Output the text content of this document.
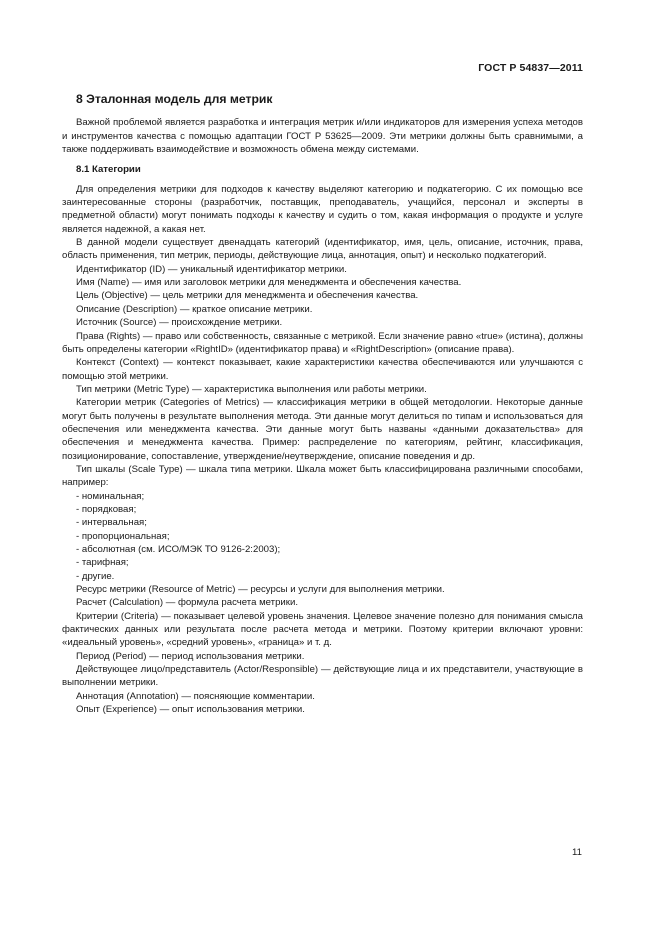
ГОСТ Р 54837—2011
8 Эталонная модель для метрик

Важной проблемой является разработка и интеграция метрик и/или индикаторов для измерения успеха методов и инструментов качества с помощью адаптации ГОСТ Р 53625—2009. Эти метрики должны быть сравнимыми, а также поддерживать взаимодействие и возможность обмена между системами.

8.1 Категории

Для определения метрики для подходов к качеству выделяют категорию и подкатегорию. С их помощью все заинтересованные стороны (разработчик, поставщик, преподаватель, учащийся, персонал и эксперты в предметной области) могут понимать подходы к качеству и судить о том, какая информация о продукте и услуге является надежной, а какая нет.

В данной модели существует двенадцать категорий (идентификатор, имя, цель, описание, источник, права, область применения, тип метрик, периоды, действующие лица, аннотация, опыт) и несколько подкатегорий.

Идентификатор (ID) — уникальный идентификатор метрики.

Имя (Name) — имя или заголовок метрики для менеджмента и обеспечения качества.

Цель (Objective) — цель метрики для менеджмента и обеспечения качества.

Описание (Description) — краткое описание метрики.

Источник (Source) — происхождение метрики.

Права (Rights) — право или собственность, связанные с метрикой. Если значение равно «true» (истина), должны быть определены категории «RightID» (идентификатор права) и «RightDescription» (описание права).

Контекст (Context) — контекст показывает, какие характеристики качества обеспечиваются или улучшаются с помощью этой метрики.

Тип метрики (Metric Type) — характеристика выполнения или работы метрики.

Категории метрик (Categories of Metrics) — классификация метрики в общей методологии. Некоторые данные могут быть получены в результате выполнения метода. Эти данные могут делиться по типам и использоваться для обеспечения или менеджмента качества. Эти данные могут быть названы «данными доказательства» для обеспечения и менеджмента качества. Пример: распределение по категориям, рейтинг, классификация, позиционирование, сопоставление, утверждение/неутверждение, описание поведения и др.

Тип шкалы (Scale Type) — шкала типа метрики. Шкала может быть классифицирована различными способами, например:

- номинальная;
- порядковая;
- интервальная;
- пропорциональная;
- абсолютная (см. ИСО/МЭК ТО 9126-2:2003);
- тарифная;
- другие.

Ресурс метрики (Resource of Metric) — ресурсы и услуги для выполнения метрики.

Расчет (Calculation) — формула расчета метрики.

Критерии (Criteria) — показывает целевой уровень значения. Целевое значение полезно для понимания смысла фактических данных или результата после расчета метода и метрики. Поэтому критерии включают уровни: «идеальный уровень», «средний уровень», «граница» и т. д.

Период (Period) — период использования метрики.

Действующее лицо/представитель (Actor/Responsible) — действующие лица и их представители, участвующие в выполнении метрики.

Аннотация (Annotation) — поясняющие комментарии.

Опыт (Experience) — опыт использования метрики.

11
